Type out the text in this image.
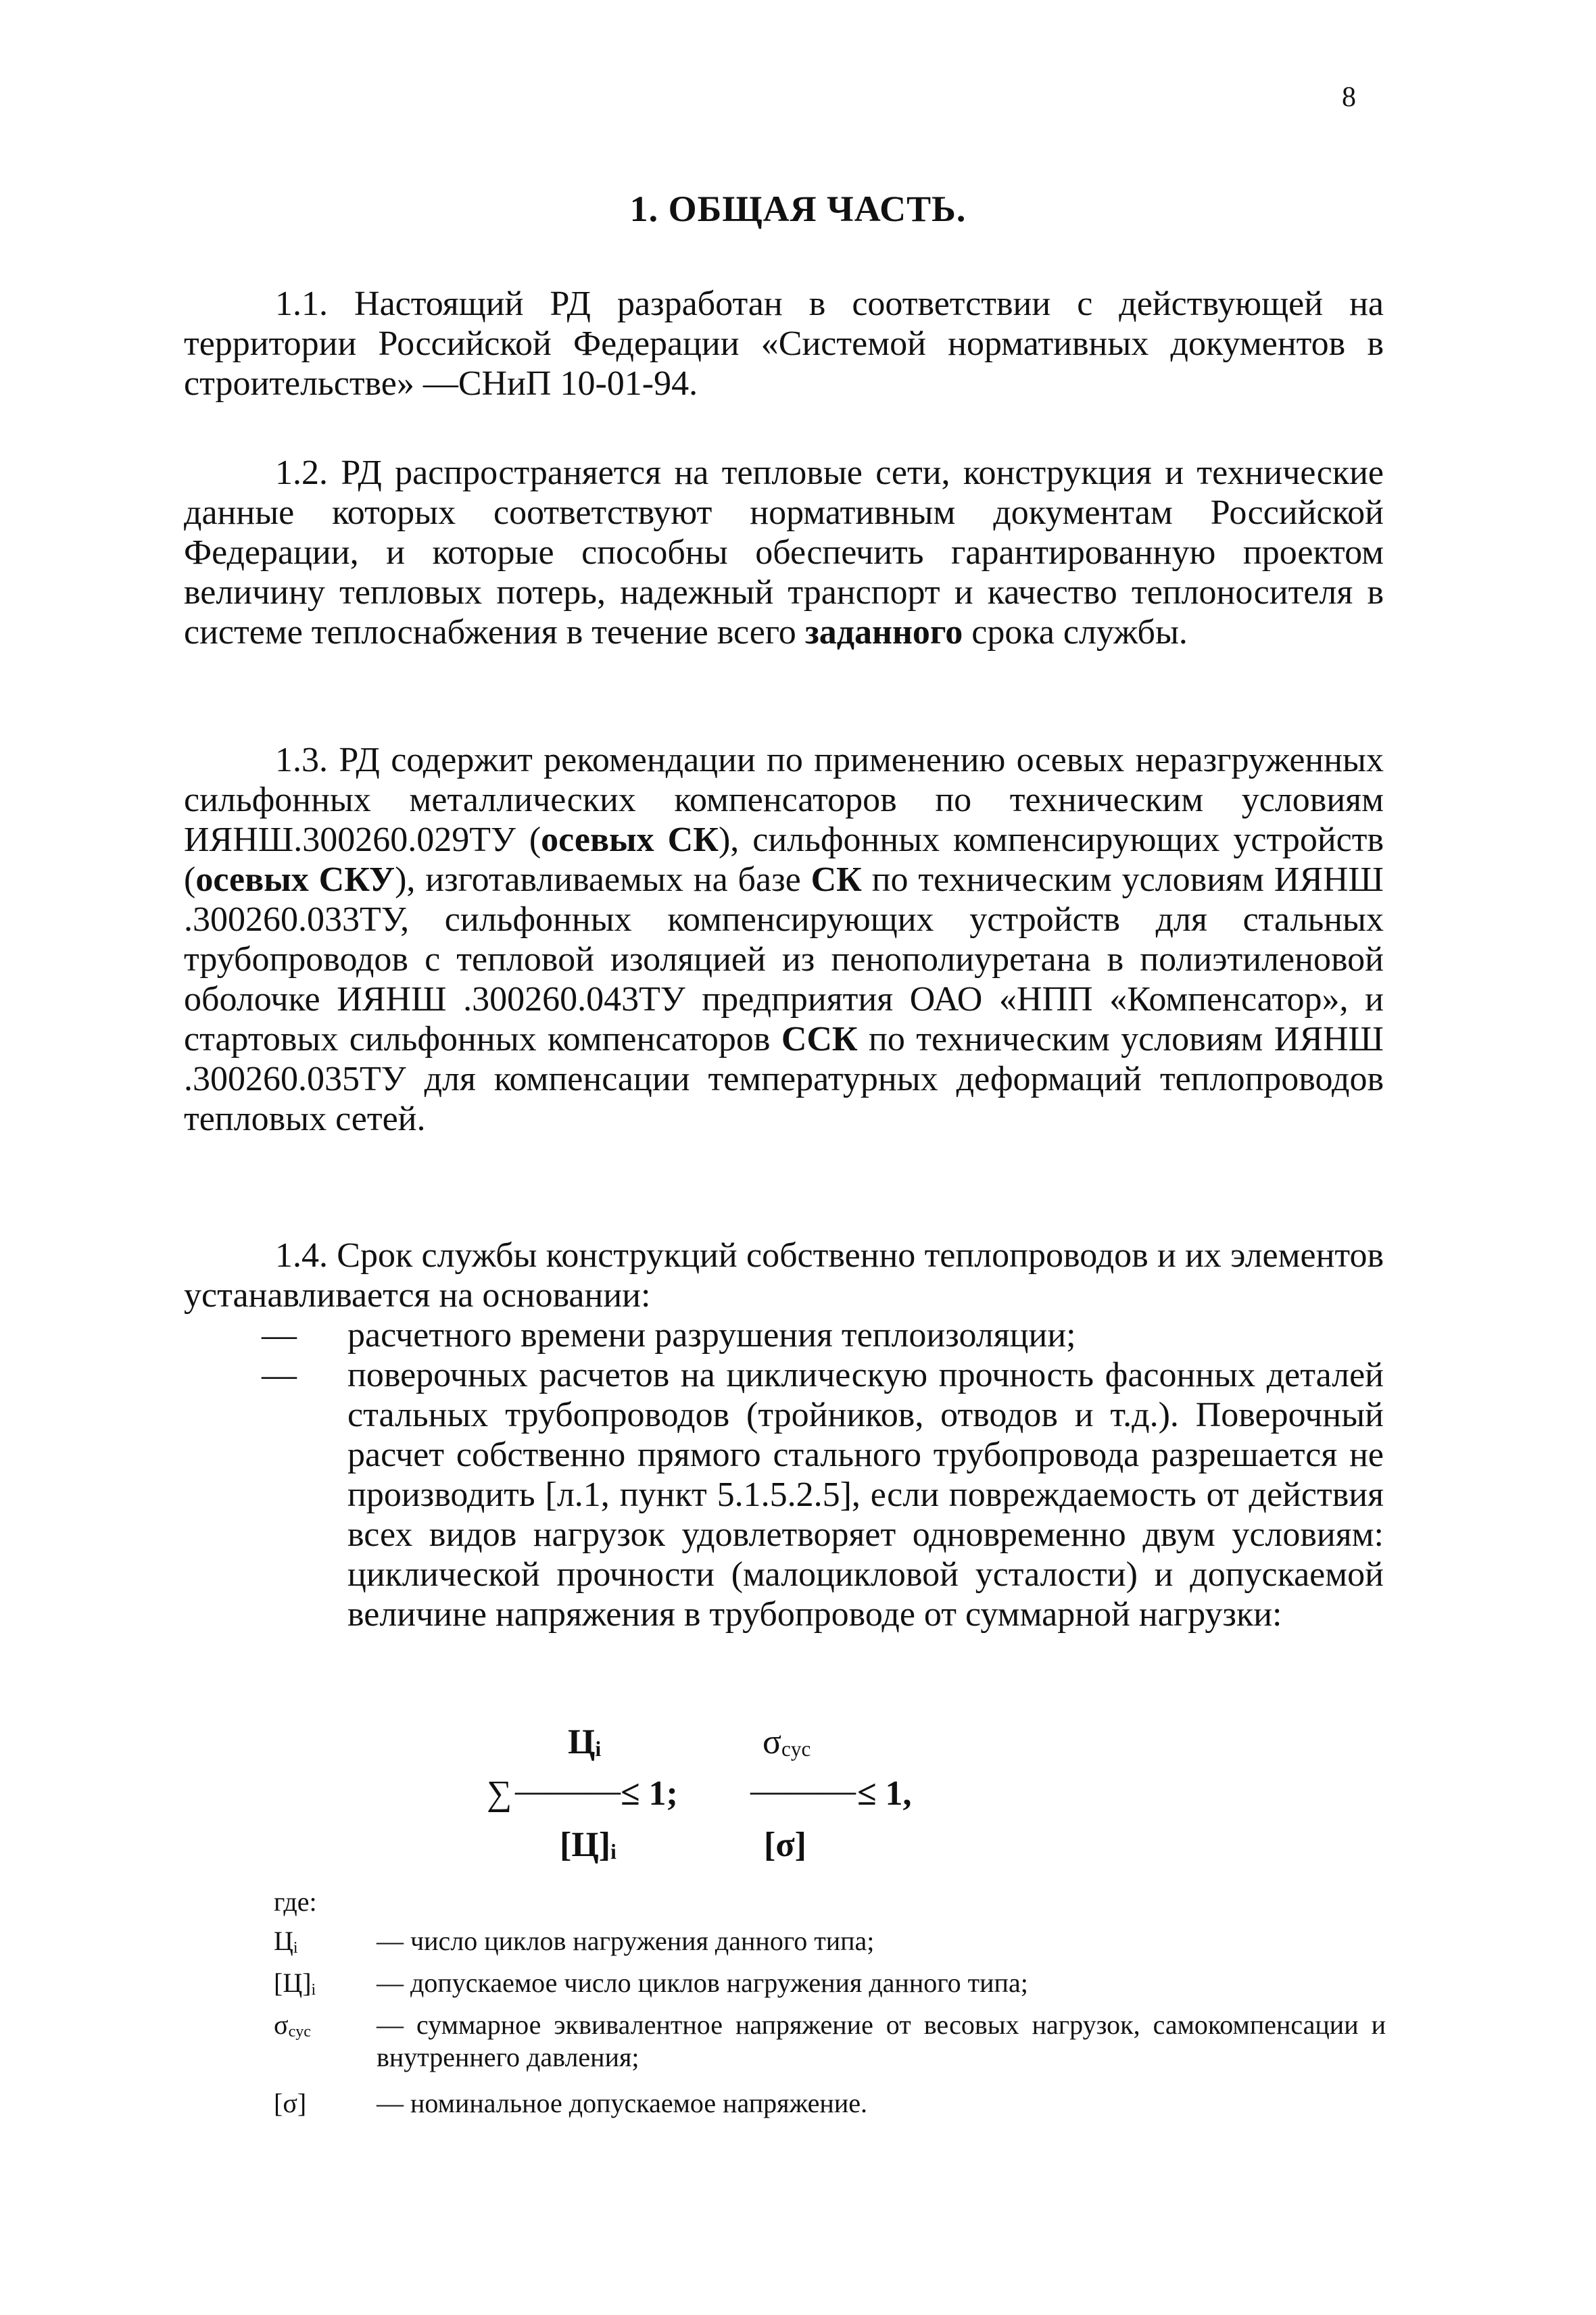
8
1. ОБЩАЯ ЧАСТЬ.

1.1. Настоящий РД разработан в соответствии с действующей на территории Российской Федерации «Системой нормативных документов в строительстве» —СНиП 10-01-94.

1.2. РД распространяется на тепловые сети, конструкция и технические данные которых соответствуют нормативным документам Российской Федерации, и которые способны обеспечить гарантированную проектом величину тепловых потерь, надежный транспорт и качество теплоносителя в системе теплоснабжения в течение всего заданного срока службы.

1.3. РД содержит рекомендации по применению осевых неразгруженных сильфонных металлических компенсаторов по техническим условиям ИЯНШ.300260.029ТУ (осевых СК), сильфонных компенсирующих устройств (осевых СКУ), изготавливаемых на базе СК по техническим условиям ИЯНШ .300260.033ТУ, сильфонных компенсирующих устройств для стальных трубопроводов с тепловой изоляцией из пенополиуретана в полиэтиленовой оболочке ИЯНШ .300260.043ТУ предприятия ОАО «НПП «Компенсатор», и стартовых сильфонных компенсаторов ССК по техническим условиям ИЯНШ .300260.035ТУ для компенсации температурных деформаций теплопроводов тепловых сетей.

1.4. Срок службы конструкций собственно теплопроводов и их элементов устанавливается на основании:

— расчетного времени разрушения теплоизоляции;

— поверочных расчетов на циклическую прочность фасонных деталей стальных трубопроводов (тройников, отводов и т.д.). Поверочный расчет собственно прямого стального трубопровода разрешается не производить [л.1, пункт 5.1.5.2.5], если повреждаемость от действия всех видов нагрузок удовлетворяет одновременно двум условиям: циклической прочности (малоцикловой усталости) и допускаемой величине напряжения в трубопроводе от суммарной нагрузки:

$Ц_i$
∑ ——— ≤ 1;
$[Ц]_i$
$\sigma_{cyc}$
——— ≤ 1,
[σ]
где:

$Ц_i$	— число циклов нагружения данного типа;

$[Ц]_i$	— допускаемое число циклов нагружения данного типа;

$\sigma_{cyc}$	— суммарное эквивалентное напряжение от весовых нагрузок, самокомпенсации и внутреннего давления;

[σ]	— номинальное допускаемое напряжение.
